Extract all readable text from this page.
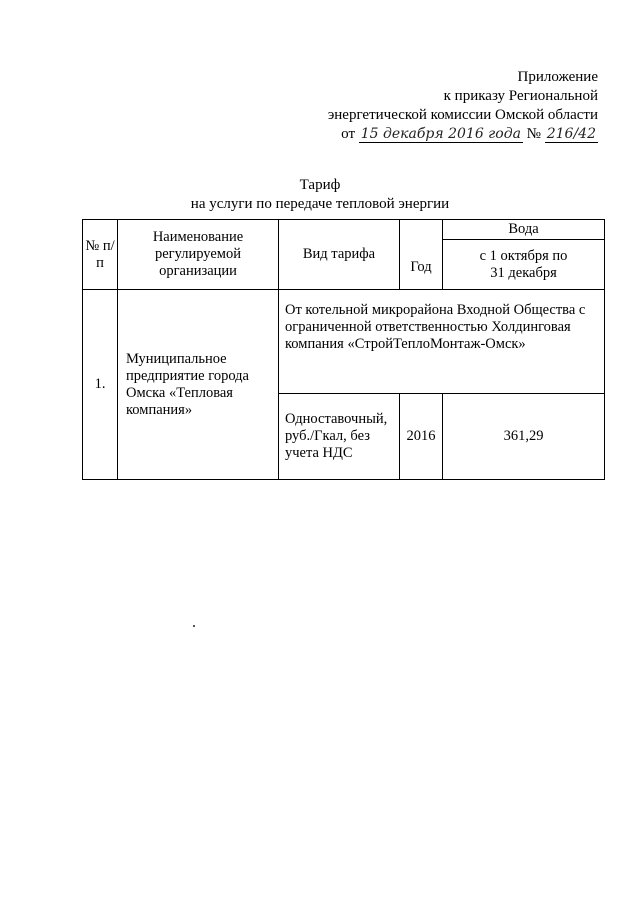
Приложение
к приказу Региональной
энергетической комиссии Омской области
от 15 декабря 2016 года № 216/42
Тариф
на услуги по передаче тепловой энергии
№ п/п	Наименование регулируемой организации	Вид тарифа	Год	Вода
				с 1 октября по 31 декабря
1.	Муниципальное предприятие города Омска «Тепловая компания»	От котельной микрорайона Входной Общества с ограниченной ответственностью Холдинговая компания «СтройТеплоМонтаж-Омск»		
		Одноставочный, руб./Гкал, без учета НДС	2016	361,29
